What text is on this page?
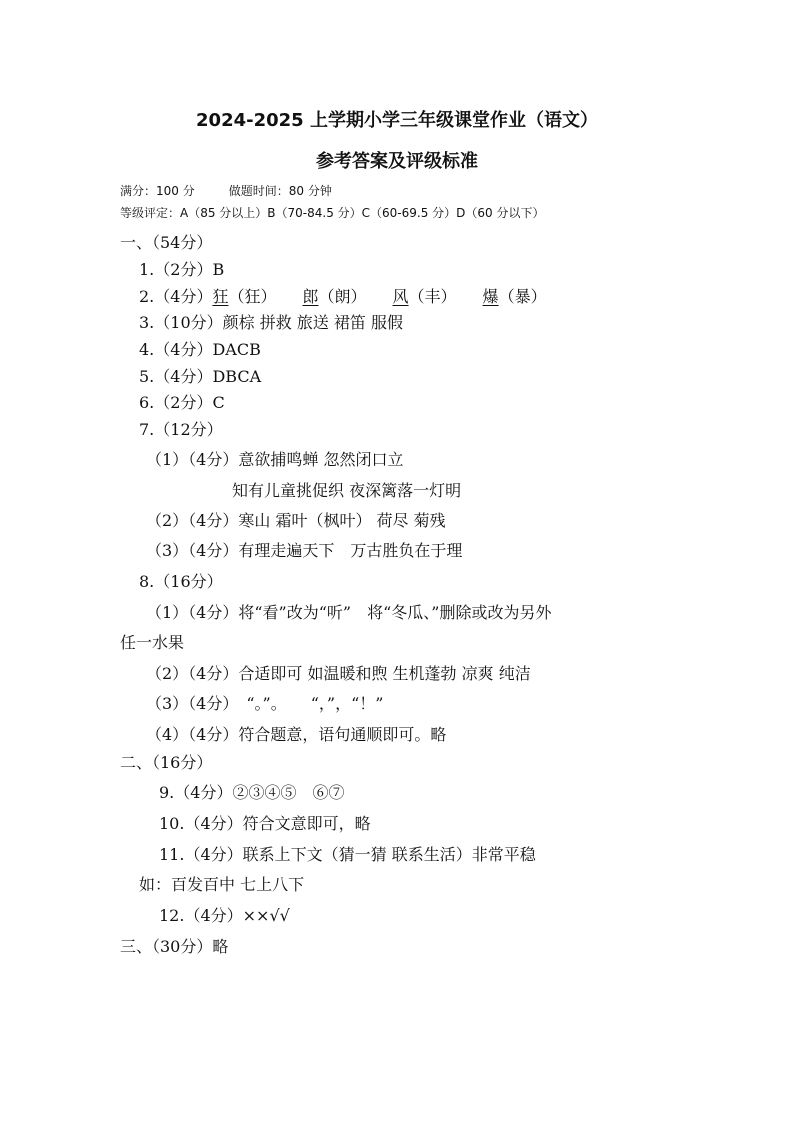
2024-2025 上学期小学三年级课堂作业（语文）
参考答案及评级标准
满分：100 分	做题时间：80 分钟
等级评定：A（85 分以上）B（70-84.5 分）C（60-69.5 分）D（60 分以下）
一、（54分）
1.（2分）B
2.（4分）狂（狂） 郎（朗） 风（丰） 爆（暴）
3.（10分）颜棕 拼救 旅送 裙笛 服假
4.（4分）DACB
5.（4分）DBCA
6.（2分）C
7.（12分）
（1）（4分）意欲捕鸣蝉 忽然闭口立
知有儿童挑促织 夜深篱落一灯明
（2）（4分）寒山 霜叶（枫叶） 荷尽 菊残
（3）（4分）有理走遍天下　万古胜负在于理
8.（16分）
（1）（4分）将“看”改为“听”　将“冬瓜、”删除或改为另外
任一水果
（2）（4分）合适即可 如温暖和煦 生机蓬勃 凉爽 纯洁
（3）（4分）　“。”。　　“，”，“！”
（4）（4分）符合题意，语句通顺即可。略
二、（16分）
9.（4分）②③④⑤　⑥⑦
10.（4分）符合文意即可，略
11.（4分）联系上下文（猜一猜 联系生活）非常平稳
如：百发百中 七上八下
12.（4分）××√√
三、（30分）略
